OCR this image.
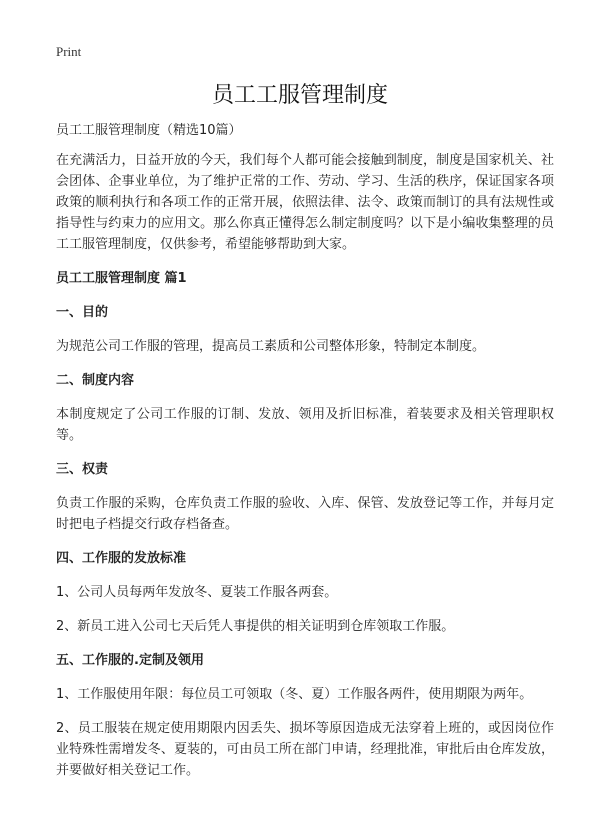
Print
员工工服管理制度

员工工服管理制度（精选10篇）

在充满活力，日益开放的今天，我们每个人都可能会接触到制度，制度是国家机关、社会团体、企事业单位，为了维护正常的工作、劳动、学习、生活的秩序，保证国家各项政策的顺利执行和各项工作的正常开展，依照法律、法令、政策而制订的具有法规性或指导性与约束力的应用文。那么你真正懂得怎么制定制度吗？以下是小编收集整理的员工工服管理制度，仅供参考，希望能够帮助到大家。

员工工服管理制度 篇1

一、目的

为规范公司工作服的管理，提高员工素质和公司整体形象，特制定本制度。

二、制度内容

本制度规定了公司工作服的订制、发放、领用及折旧标准，着装要求及相关管理职权等。

三、权责

负责工作服的采购，仓库负责工作服的验收、入库、保管、发放登记等工作，并每月定时把电子档提交行政存档备查。

四、工作服的发放标准

1、公司人员每两年发放冬、夏装工作服各两套。

2、新员工进入公司七天后凭人事提供的相关证明到仓库领取工作服。

五、工作服的.定制及领用

1、工作服使用年限：每位员工可领取（冬、夏）工作服各两件，使用期限为两年。

2、员工服装在规定使用期限内因丢失、损坏等原因造成无法穿着上班的，或因岗位作业特殊性需增发冬、夏装的，可由员工所在部门申请，经理批准，审批后由仓库发放，并要做好相关登记工作。
